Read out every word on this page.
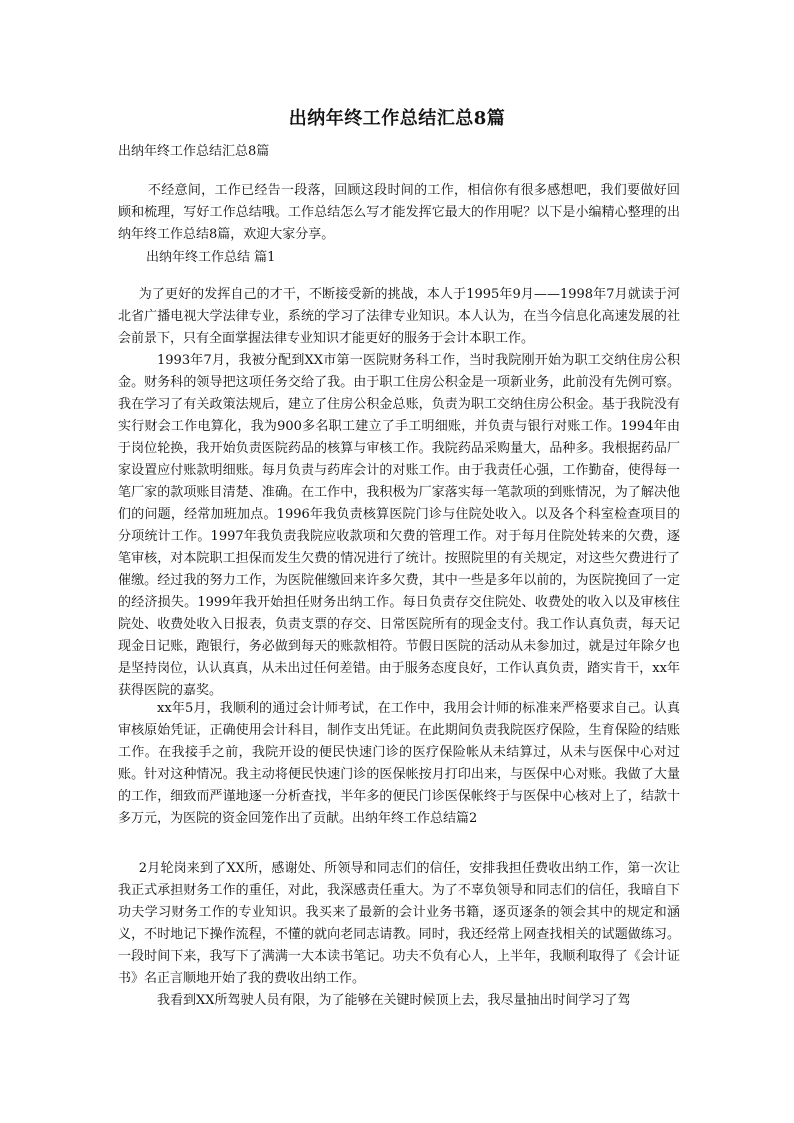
出纳年终工作总结汇总8篇
出纳年终工作总结汇总8篇

不经意间，工作已经告一段落，回顾这段时间的工作，相信你有很多感想吧，我们要做好回顾和梳理，写好工作总结哦。工作总结怎么写才能发挥它最大的作用呢？以下是小编精心整理的出纳年终工作总结8篇，欢迎大家分享。

出纳年终工作总结 篇1

为了更好的发挥自己的才干，不断接受新的挑战，本人于1995年9月——1998年7月就读于河北省广播电视大学法律专业，系统的学习了法律专业知识。本人认为，在当今信息化高速发展的社会前景下，只有全面掌握法律专业知识才能更好的服务于会计本职工作。

1993年7月，我被分配到XX市第一医院财务科工作，当时我院刚开始为职工交纳住房公积金。财务科的领导把这项任务交给了我。由于职工住房公积金是一项新业务，此前没有先例可察。我在学习了有关政策法规后，建立了住房公积金总账，负责为职工交纳住房公积金。基于我院没有实行财会工作电算化，我为900多名职工建立了手工明细账，并负责与银行对账工作。1994年由于岗位轮换，我开始负责医院药品的核算与审核工作。我院药品采购量大，品种多。我根据药品厂家设置应付账款明细账。每月负责与药库会计的对账工作。由于我责任心强，工作勤奋，使得每一笔厂家的款项账目清楚、准确。在工作中，我积极为厂家落实每一笔款项的到账情况，为了解决他们的问题，经常加班加点。1996年我负责核算医院门诊与住院处收入。以及各个科室检查项目的分项统计工作。1997年我负责我院应收款项和欠费的管理工作。对于每月住院处转来的欠费，逐笔审核，对本院职工担保而发生欠费的情况进行了统计。按照院里的有关规定，对这些欠费进行了催缴。经过我的努力工作，为医院催缴回来许多欠费，其中一些是多年以前的，为医院挽回了一定的经济损失。1999年我开始担任财务出纳工作。每日负责存交住院处、收费处的收入以及审核住院处、收费处收入日报表，负责支票的存交、日常医院所有的现金支付。我工作认真负责，每天记现金日记账，跑银行，务必做到每天的账款相符。节假日医院的活动从未参加过，就是过年除夕也是坚持岗位，认认真真，从未出过任何差错。由于服务态度良好，工作认真负责，踏实肯干，xx年获得医院的嘉奖。

xx年5月，我顺利的通过会计师考试，在工作中，我用会计师的标准来严格要求自己。认真审核原始凭证，正确使用会计科目，制作支出凭证。在此期间负责我院医疗保险，生育保险的结账工作。在我接手之前，我院开设的便民快速门诊的医疗保险帐从未结算过，从未与医保中心对过账。针对这种情况。我主动将便民快速门诊的医保帐按月打印出来，与医保中心对账。我做了大量的工作，细致而严谨地逐一分析查找，半年多的便民门诊医保帐终于与医保中心核对上了，结款十多万元，为医院的资金回笼作出了贡献。出纳年终工作总结篇2

2月轮岗来到了XX所，感谢处、所领导和同志们的信任，安排我担任费收出纳工作，第一次让我正式承担财务工作的重任，对此，我深感责任重大。为了不辜负领导和同志们的信任，我暗自下功夫学习财务工作的专业知识。我买来了最新的会计业务书籍，逐页逐条的领会其中的规定和涵义，不时地记下操作流程，不懂的就向老同志请教。同时，我还经常上网查找相关的试题做练习。一段时间下来，我写下了满满一大本读书笔记。功夫不负有心人，上半年，我顺利取得了《会计证书》名正言顺地开始了我的费收出纳工作。

我看到XX所驾驶人员有限，为了能够在关键时候顶上去，我尽量抽出时间学习了驾
